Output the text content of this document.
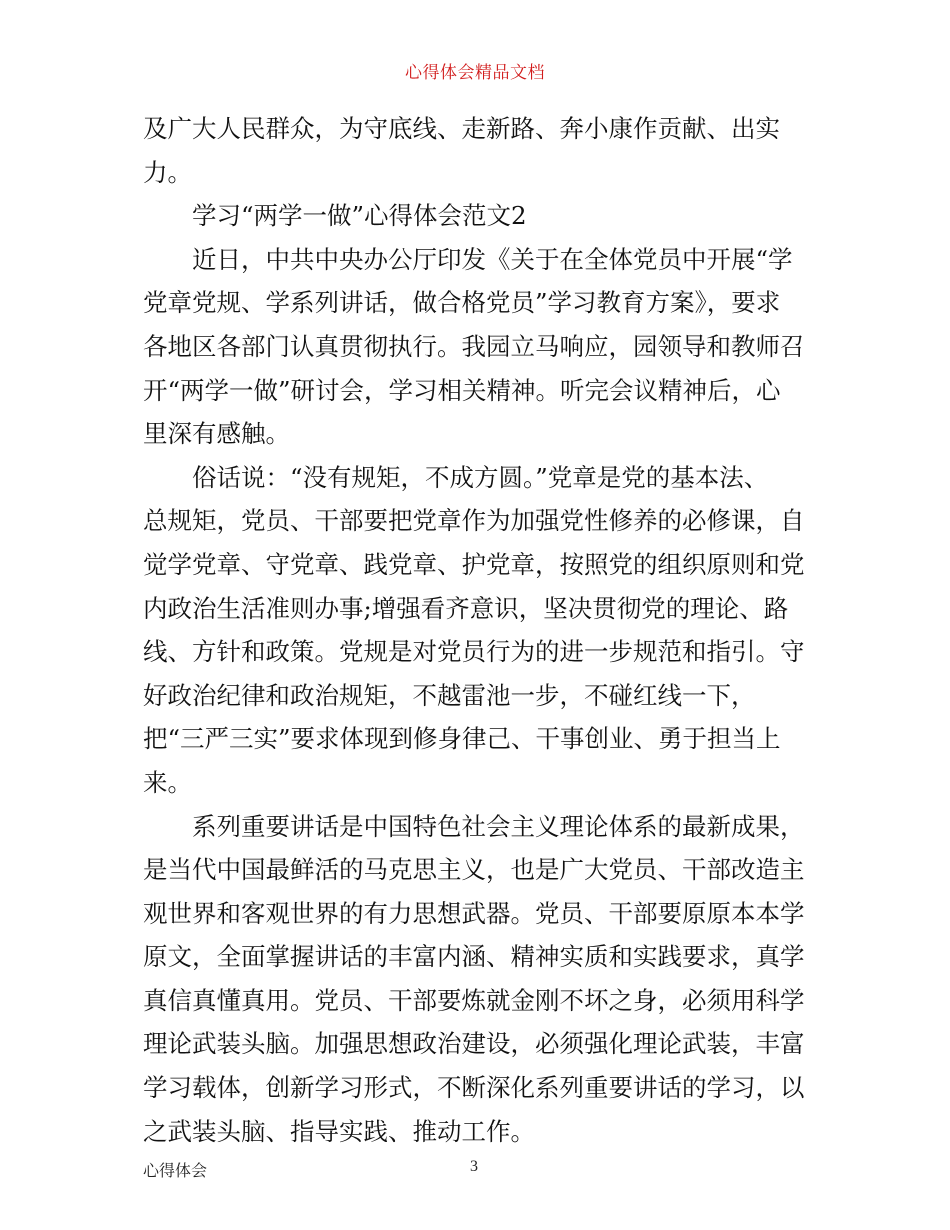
心得体会精品文档

及广大人民群众，为守底线、走新路、奔小康作贡献、出实
力。

学习“两学一做”心得体会范文2

近日，中共中央办公厅印发《关于在全体党员中开展“学
党章党规、学系列讲话，做合格党员”学习教育方案》，要求
各地区各部门认真贯彻执行。我园立马响应，园领导和教师召
开“两学一做”研讨会，学习相关精神。听完会议精神后，心
里深有感触。

俗话说：“没有规矩，不成方圆。”党章是党的基本法、
总规矩，党员、干部要把党章作为加强党性修养的必修课，自
觉学党章、守党章、践党章、护党章，按照党的组织原则和党
内政治生活准则办事;增强看齐意识，坚决贯彻党的理论、路
线、方针和政策。党规是对党员行为的进一步规范和指引。守
好政治纪律和政治规矩，不越雷池一步，不碰红线一下，
把“三严三实”要求体现到修身律己、干事创业、勇于担当上
来。

系列重要讲话是中国特色社会主义理论体系的最新成果，
是当代中国最鲜活的马克思主义，也是广大党员、干部改造主
观世界和客观世界的有力思想武器。党员、干部要原原本本学
原文，全面掌握讲话的丰富内涵、精神实质和实践要求，真学
真信真懂真用。党员、干部要炼就金刚不坏之身，必须用科学
理论武装头脑。加强思想政治建设，必须强化理论武装，丰富
学习载体，创新学习形式，不断深化系列重要讲话的学习，以
之武装头脑、指导实践、推动工作。

心得体会	3
